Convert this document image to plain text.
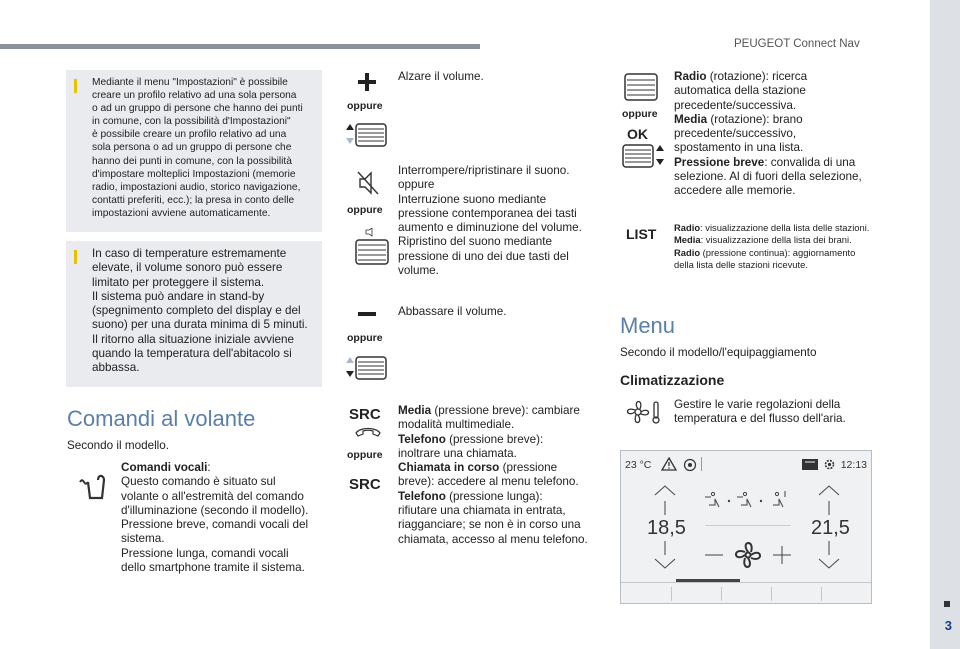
PEUGEOT Connect Nav
3

Mediante il menu "Impostazioni" è possibile
creare un profilo relativo ad una sola persona
o ad un gruppo di persone che hanno dei punti
in comune, con la possibilità d'Impostazioni"
è possibile creare un profilo relativo ad una
sola persona o ad un gruppo di persone che
hanno dei punti in comune, con la possibilità
d'impostare molteplici Impostazioni (memorie
radio, impostazioni audio, storico navigazione,
contatti preferiti, ecc.); la presa in conto delle
impostazioni avviene automaticamente.

In caso di temperature estremamente
elevate, il volume sonoro può essere
limitato per proteggere il sistema.
Il sistema può andare in stand-by
(spegnimento completo del display e del
suono) per una durata minima di 5 minuti.
Il ritorno alla situazione iniziale avviene
quando la temperatura dell'abitacolo si
abbassa.

Comandi al volante
Secondo il modello.
Comandi vocali:
Questo comando è situato sul
volante o all'estremità del comando
d'illuminazione (secondo il modello).
Pressione breve, comandi vocali del
sistema.
Pressione lunga, comandi vocali
dello smartphone tramite il sistema.
oppure
Alzare il volume.
oppure
Interrompere/ripristinare il suono.
oppure
Interruzione suono mediante
pressione contemporanea dei tasti
aumento e diminuzione del volume.
Ripristino del suono mediante
pressione di uno dei due tasti del
volume.
oppure
Abbassare il volume.
SRC
oppure
SRC
Media (pressione breve): cambiare
modalità multimediale.
Telefono (pressione breve):
inoltrare una chiamata.
Chiamata in corso (pressione
breve): accedere al menu telefono.
Telefono (pressione lunga):
rifiutare una chiamata in entrata,
riagganciare; se non è in corso una
chiamata, accesso al menu telefono.
oppure
OK
Radio (rotazione): ricerca
automatica della stazione
precedente/successiva.
Media (rotazione): brano
precedente/successivo,
spostamento in una lista.
Pressione breve: convalida di una
selezione. Al di fuori della selezione,
accedere alle memorie.
LIST Radio: visualizzazione della lista delle stazioni.
Media: visualizzazione della lista dei brani.
Radio (pressione continua): aggiornamento della lista delle stazioni ricevute.
Menu
Secondo il modello/l'equipaggiamento
Climatizzazione
Gestire le varie regolazioni della
temperatura e del flusso dell'aria.
23 °C	12:13
18,5	21,5
